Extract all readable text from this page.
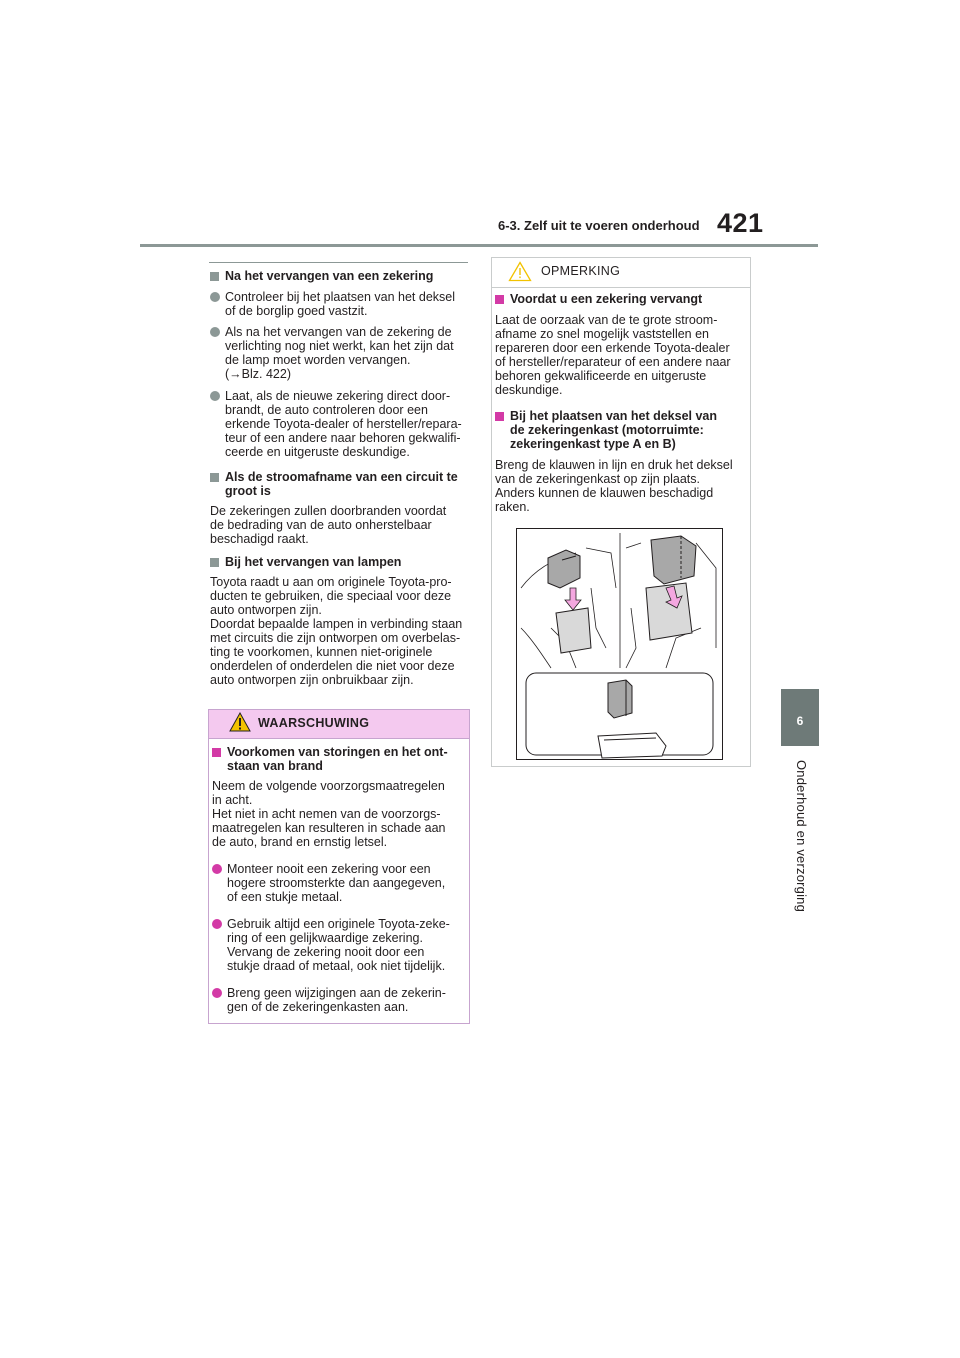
6-3. Zelf uit te voeren onderhoud 421
6
Onderhoud en verzorging
Na het vervangen van een zekering
Controleer bij het plaatsen van het deksel
of de borglip goed vastzit.
Als na het vervangen van de zekering de
verlichting nog niet werkt, kan het zijn dat
de lamp moet worden vervangen.
(→Blz. 422)
Laat, als de nieuwe zekering direct door-
brandt, de auto controleren door een
erkende Toyota-dealer of hersteller/repara-
teur of een andere naar behoren gekwalifi-
ceerde en uitgeruste deskundige.
Als de stroomafname van een circuit te
groot is
De zekeringen zullen doorbranden voordat
de bedrading van de auto onherstelbaar
beschadigd raakt.
Bij het vervangen van lampen
Toyota raadt u aan om originele Toyota-pro-
ducten te gebruiken, die speciaal voor deze
auto ontworpen zijn.
Doordat bepaalde lampen in verbinding staan
met circuits die zijn ontworpen om overbelas-
ting te voorkomen, kunnen niet-originele
onderdelen of onderdelen die niet voor deze
auto ontworpen zijn onbruikbaar zijn.
WAARSCHUWING
Voorkomen van storingen en het ont-
staan van brand
Neem de volgende voorzorgsmaatregelen
in acht.
Het niet in acht nemen van de voorzorgs-
maatregelen kan resulteren in schade aan
de auto, brand en ernstig letsel.
Monteer nooit een zekering voor een
hogere stroomsterkte dan aangegeven,
of een stukje metaal.
Gebruik altijd een originele Toyota-zeke-
ring of een gelijkwaardige zekering.
Vervang de zekering nooit door een
stukje draad of metaal, ook niet tijdelijk.
Breng geen wijzigingen aan de zekerin-
gen of de zekeringenkasten aan.
OPMERKING
Voordat u een zekering vervangt
Laat de oorzaak van de te grote stroom-
afname zo snel mogelijk vaststellen en
repareren door een erkende Toyota-dealer
of hersteller/reparateur of een andere naar
behoren gekwalificeerde en uitgeruste
deskundige.
Bij het plaatsen van het deksel van
de zekeringenkast (motorruimte:
zekeringenkast type A en B)
Breng de klauwen in lijn en druk het deksel
van de zekeringenkast op zijn plaats.
Anders kunnen de klauwen beschadigd
raken.
